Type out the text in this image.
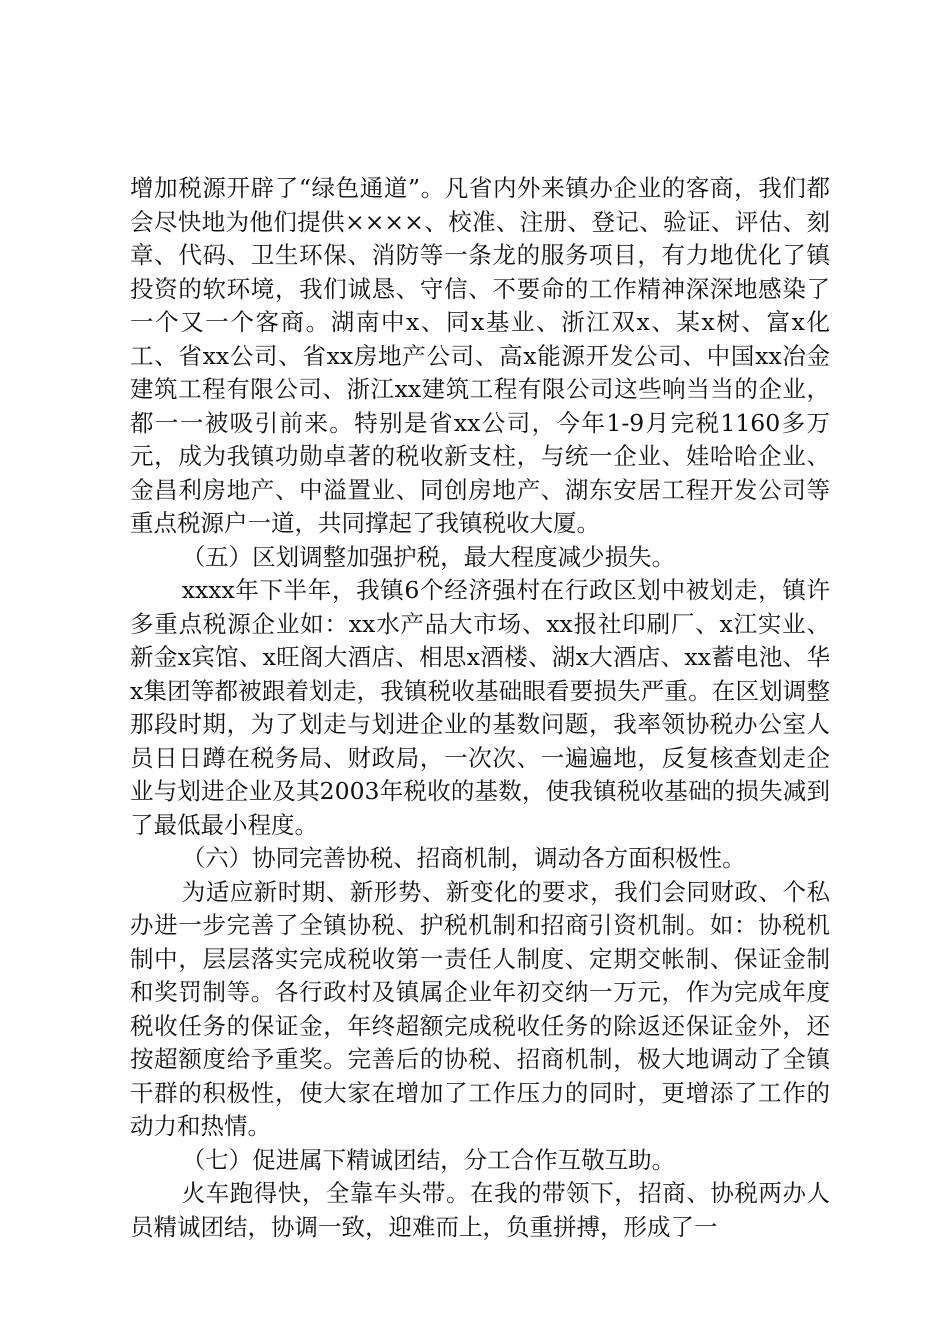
增加税源开辟了“绿色通道”。凡省内外来镇办企业的客商，我们都会尽快地为他们提供××××、校准、注册、登记、验证、评估、刻章、代码、卫生环保、消防等一条龙的服务项目，有力地优化了镇投资的软环境，我们诚恳、守信、不要命的工作精神深深地感染了一个又一个客商。湖南中x、同x基业、浙江双x、某x树、富x化工、省xx公司、省xx房地产公司、高x能源开发公司、中国xx冶金建筑工程有限公司、浙江xx建筑工程有限公司这些响当当的企业，都一一被吸引前来。特别是省xx公司，今年1-9月完税1160多万元，成为我镇功勋卓著的税收新支柱，与统一企业、娃哈哈企业、金昌利房地产、中溢置业、同创房地产、湖东安居工程开发公司等重点税源户一道，共同撑起了我镇税收大厦。

（五）区划调整加强护税，最大程度减少损失。

xxxx年下半年，我镇6个经济强村在行政区划中被划走，镇许多重点税源企业如：xx水产品大市场、xx报社印刷厂、x江实业、新金x宾馆、x旺阁大酒店、相思x酒楼、湖x大酒店、xx蓄电池、华x集团等都被跟着划走，我镇税收基础眼看要损失严重。在区划调整那段时期，为了划走与划进企业的基数问题，我率领协税办公室人员日日蹲在税务局、财政局，一次次、一遍遍地，反复核查划走企业与划进企业及其2003年税收的基数，使我镇税收基础的损失减到了最低最小程度。

（六）协同完善协税、招商机制，调动各方面积极性。

为适应新时期、新形势、新变化的要求，我们会同财政、个私办进一步完善了全镇协税、护税机制和招商引资机制。如：协税机制中，层层落实完成税收第一责任人制度、定期交帐制、保证金制和奖罚制等。各行政村及镇属企业年初交纳一万元，作为完成年度税收任务的保证金，年终超额完成税收任务的除返还保证金外，还按超额度给予重奖。完善后的协税、招商机制，极大地调动了全镇干群的积极性，使大家在增加了工作压力的同时，更增添了工作的动力和热情。

（七）促进属下精诚团结，分工合作互敬互助。

火车跑得快，全靠车头带。在我的带领下，招商、协税两办人员精诚团结，协调一致，迎难而上，负重拼搏，形成了一
